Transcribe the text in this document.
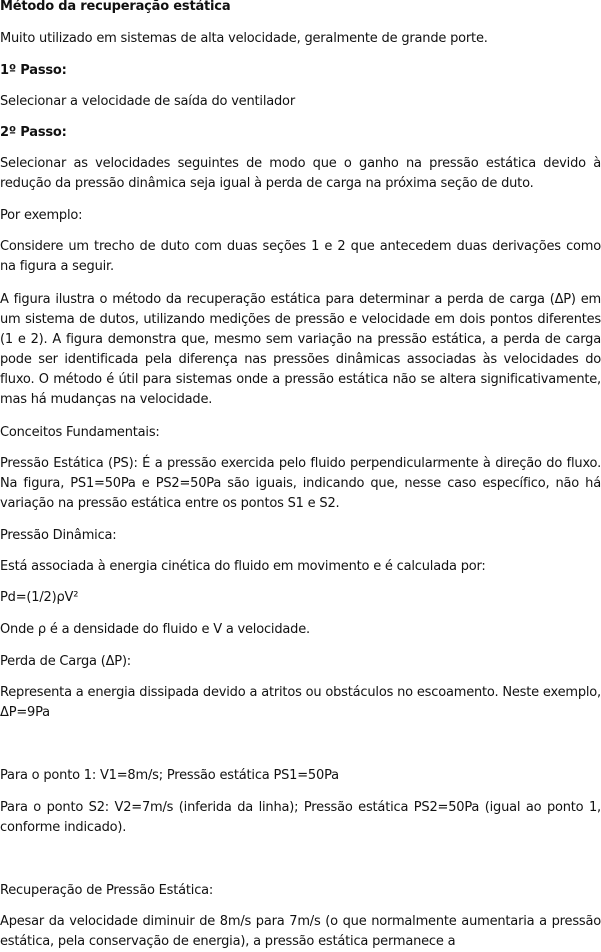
Método da recuperação estática

Muito utilizado em sistemas de alta velocidade, geralmente de grande porte.

1º Passo:

Selecionar a velocidade de saída do ventilador

2º Passo:

Selecionar as velocidades seguintes de modo que o ganho na pressão estática devido à redução da pressão dinâmica seja igual à perda de carga na próxima seção de duto.

Por exemplo:

Considere um trecho de duto com duas seções 1 e 2 que antecedem duas derivações como na figura a seguir.

A figura ilustra o método da recuperação estática para determinar a perda de carga (ΔP) em um sistema de dutos, utilizando medições de pressão e velocidade em dois pontos diferentes (1 e 2). A figura demonstra que, mesmo sem variação na pressão estática, a perda de carga pode ser identificada pela diferença nas pressões dinâmicas associadas às velocidades do fluxo. O método é útil para sistemas onde a pressão estática não se altera significativamente, mas há mudanças na velocidade.

Conceitos Fundamentais:

Pressão Estática (PS): É a pressão exercida pelo fluido perpendicularmente à direção do fluxo. Na figura, PS1=50Pa e PS2=50Pa são iguais, indicando que, nesse caso específico, não há variação na pressão estática entre os pontos S1 e S2.

Pressão Dinâmica:

Está associada à energia cinética do fluido em movimento e é calculada por:

Pd=(1/2)ρV²

Onde ρ é a densidade do fluido e V a velocidade.

Perda de Carga (ΔP):

Representa a energia dissipada devido a atritos ou obstáculos no escoamento. Neste exemplo, ΔP=9Pa

Para o ponto 1: V1=8m/s; Pressão estática PS1=50Pa

Para o ponto S2: V2=7m/s (inferida da linha); Pressão estática PS2=50Pa (igual ao ponto 1, conforme indicado).

Recuperação de Pressão Estática:

Apesar da velocidade diminuir de 8m/s para 7m/s (o que normalmente aumentaria a pressão estática, pela conservação de energia), a pressão estática permanece a
